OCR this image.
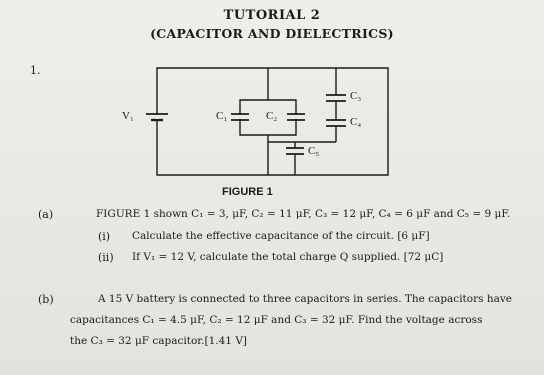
TUTORIAL 2
(CAPACITOR AND DIELECTRICS)
1.
V₁	C₁	C₂
C₃
C₄
C₅
FIGURE 1
(a)	FIGURE 1 shown C₁ = 3, μF, C₂ = 11 μF, C₃ = 12 μF, C₄ = 6 μF and C₅ = 9 μF.
(i) Calculate the effective capacitance of the circuit. [6 μF]
(ii) If V₁ = 12 V, calculate the total charge Q supplied. [72 μC]
(b)	A 15 V battery is connected to three capacitors in series. The capacitors have
capacitances C₁ = 4.5 μF, C₂ = 12 μF and C₃ = 32 μF. Find the voltage across
the C₃ = 32 μF capacitor.[1.41 V]
